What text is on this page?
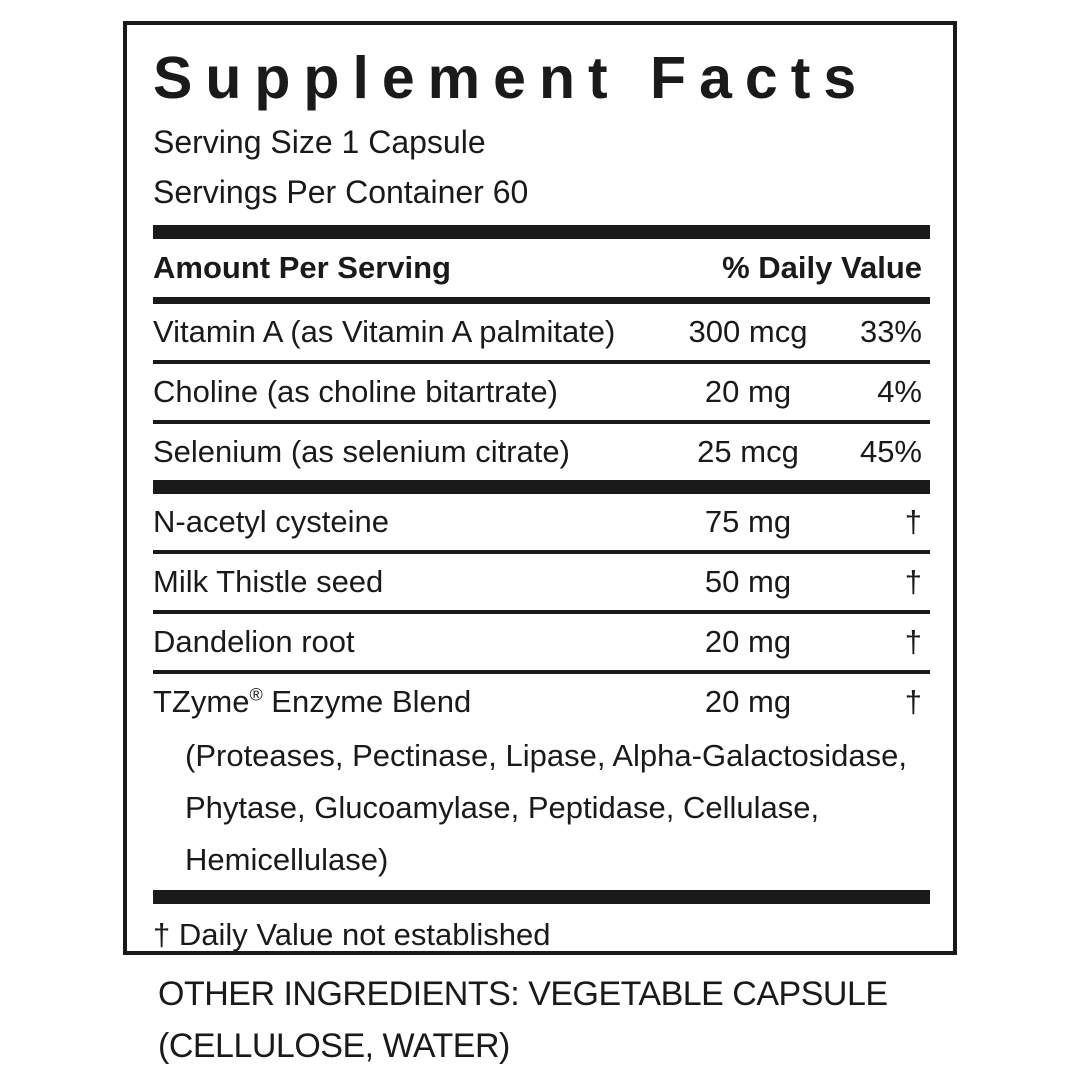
Supplement Facts
Serving Size 1 Capsule
Servings Per Container 60
Amount Per Serving	% Daily Value
Vitamin A (as Vitamin A palmitate)	300 mcg	33%
Choline (as choline bitartrate)	20 mg	4%
Selenium (as selenium citrate)	25 mcg	45%
N-acetyl cysteine	75 mg	†
Milk Thistle seed	50 mg	†
Dandelion root	20 mg	†
TZyme® Enzyme Blend	20 mg	†
(Proteases, Pectinase, Lipase, Alpha-Galactosidase,
Phytase, Glucoamylase, Peptidase, Cellulase,
Hemicellulase)
† Daily Value not established
OTHER INGREDIENTS: VEGETABLE CAPSULE
(CELLULOSE, WATER)
